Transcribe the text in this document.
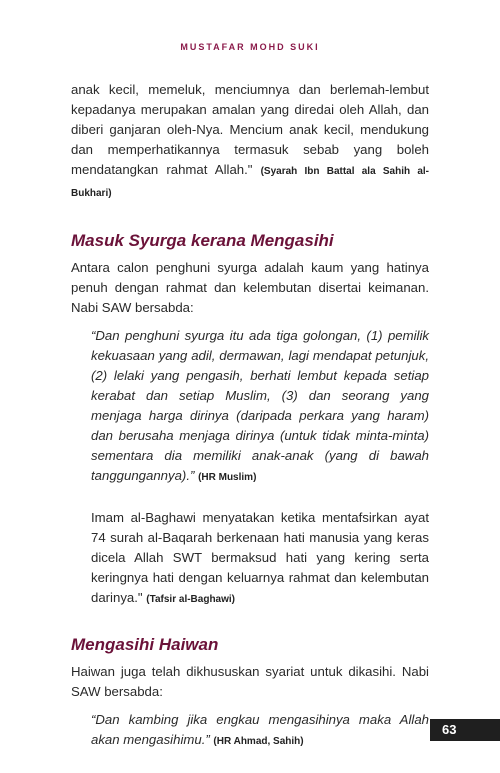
MUSTAFAR MOHD SUKI

anak kecil, memeluk, menciumnya dan berlemah-lembut kepadanya merupakan amalan yang diredai oleh Allah, dan diberi ganjaran oleh-Nya. Mencium anak kecil, mendukung dan memperhatikannya termasuk sebab yang boleh mendatangkan rahmat Allah." (Syarah Ibn Battal ala Sahih al-Bukhari)

Masuk Syurga kerana Mengasihi

Antara calon penghuni syurga adalah kaum yang hatinya penuh dengan rahmat dan kelembutan disertai keimanan. Nabi SAW bersabda:

“Dan penghuni syurga itu ada tiga golongan, (1) pemilik kekuasaan yang adil, dermawan, lagi mendapat petunjuk, (2) lelaki yang pengasih, berhati lembut kepada setiap kerabat dan setiap Muslim, (3) dan seorang yang menjaga harga dirinya (daripada perkara yang haram) dan berusaha menjaga dirinya (untuk tidak minta-minta) sementara dia memiliki anak-anak (yang di bawah tanggungannya).” (HR Muslim)

Imam al-Baghawi menyatakan ketika mentafsirkan ayat 74 surah al-Baqarah berkenaan hati manusia yang keras dicela Allah SWT bermaksud hati yang kering serta keringnya hati dengan keluarnya rahmat dan kelembutan darinya." (Tafsir al-Baghawi)

Mengasihi Haiwan

Haiwan juga telah dikhususkan syariat untuk dikasihi. Nabi SAW bersabda:

“Dan kambing jika engkau mengasihinya maka Allah akan mengasihimu.” (HR Ahmad, Sahih)

63
